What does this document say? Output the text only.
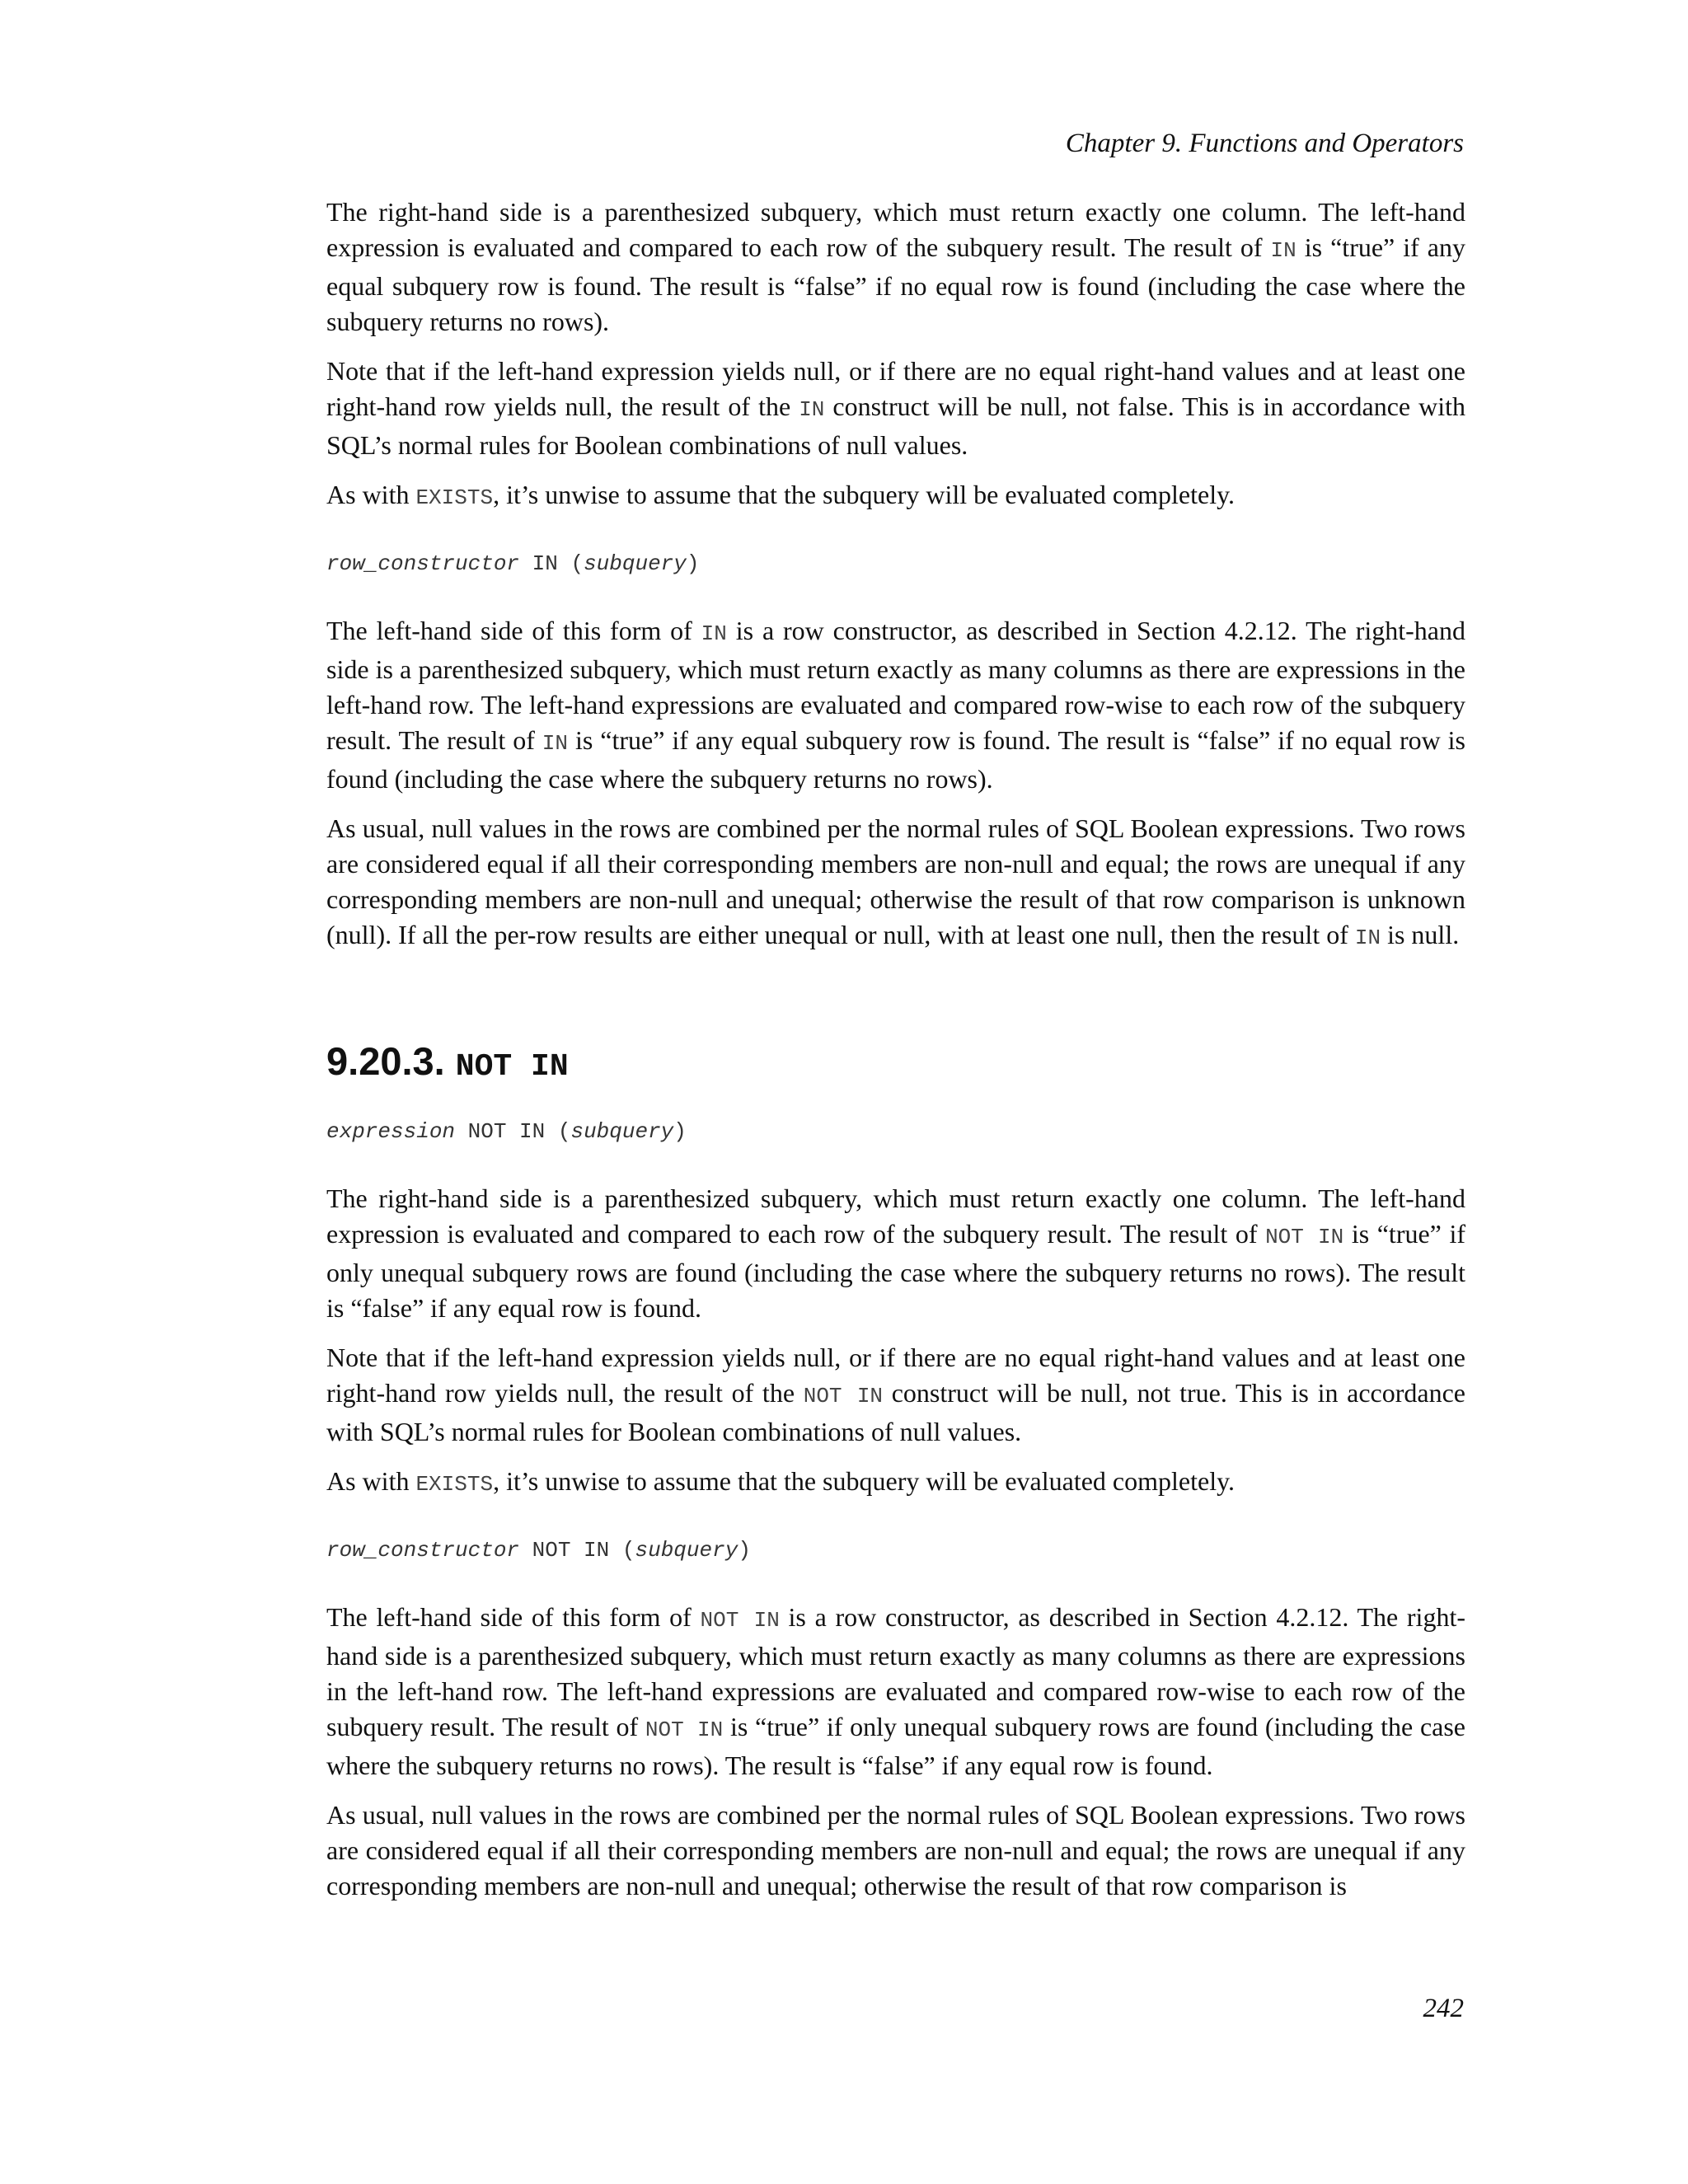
Chapter 9. Functions and Operators

The right-hand side is a parenthesized subquery, which must return exactly one column. The left-hand expression is evaluated and compared to each row of the subquery result. The result of IN is “true” if any equal subquery row is found. The result is “false” if no equal row is found (including the case where the subquery returns no rows).

Note that if the left-hand expression yields null, or if there are no equal right-hand values and at least one right-hand row yields null, the result of the IN construct will be null, not false. This is in accordance with SQL’s normal rules for Boolean combinations of null values.

As with EXISTS, it’s unwise to assume that the subquery will be evaluated completely.

row_constructor IN (subquery)

The left-hand side of this form of IN is a row constructor, as described in Section 4.2.12. The right-hand side is a parenthesized subquery, which must return exactly as many columns as there are expressions in the left-hand row. The left-hand expressions are evaluated and compared row-wise to each row of the subquery result. The result of IN is “true” if any equal subquery row is found. The result is “false” if no equal row is found (including the case where the subquery returns no rows).

As usual, null values in the rows are combined per the normal rules of SQL Boolean expressions. Two rows are considered equal if all their corresponding members are non-null and equal; the rows are unequal if any corresponding members are non-null and unequal; otherwise the result of that row comparison is unknown (null). If all the per-row results are either unequal or null, with at least one null, then the result of IN is null.

9.20.3. NOT IN
expression NOT IN (subquery)

The right-hand side is a parenthesized subquery, which must return exactly one column. The left-hand expression is evaluated and compared to each row of the subquery result. The result of NOT IN is “true” if only unequal subquery rows are found (including the case where the subquery returns no rows). The result is “false” if any equal row is found.

Note that if the left-hand expression yields null, or if there are no equal right-hand values and at least one right-hand row yields null, the result of the NOT IN construct will be null, not true. This is in accordance with SQL’s normal rules for Boolean combinations of null values.

As with EXISTS, it’s unwise to assume that the subquery will be evaluated completely.

row_constructor NOT IN (subquery)

The left-hand side of this form of NOT IN is a row constructor, as described in Section 4.2.12. The right-hand side is a parenthesized subquery, which must return exactly as many columns as there are expressions in the left-hand row. The left-hand expressions are evaluated and compared row-wise to each row of the subquery result. The result of NOT IN is “true” if only unequal subquery rows are found (including the case where the subquery returns no rows). The result is “false” if any equal row is found.

As usual, null values in the rows are combined per the normal rules of SQL Boolean expressions. Two rows are considered equal if all their corresponding members are non-null and equal; the rows are unequal if any corresponding members are non-null and unequal; otherwise the result of that row comparison is

242
